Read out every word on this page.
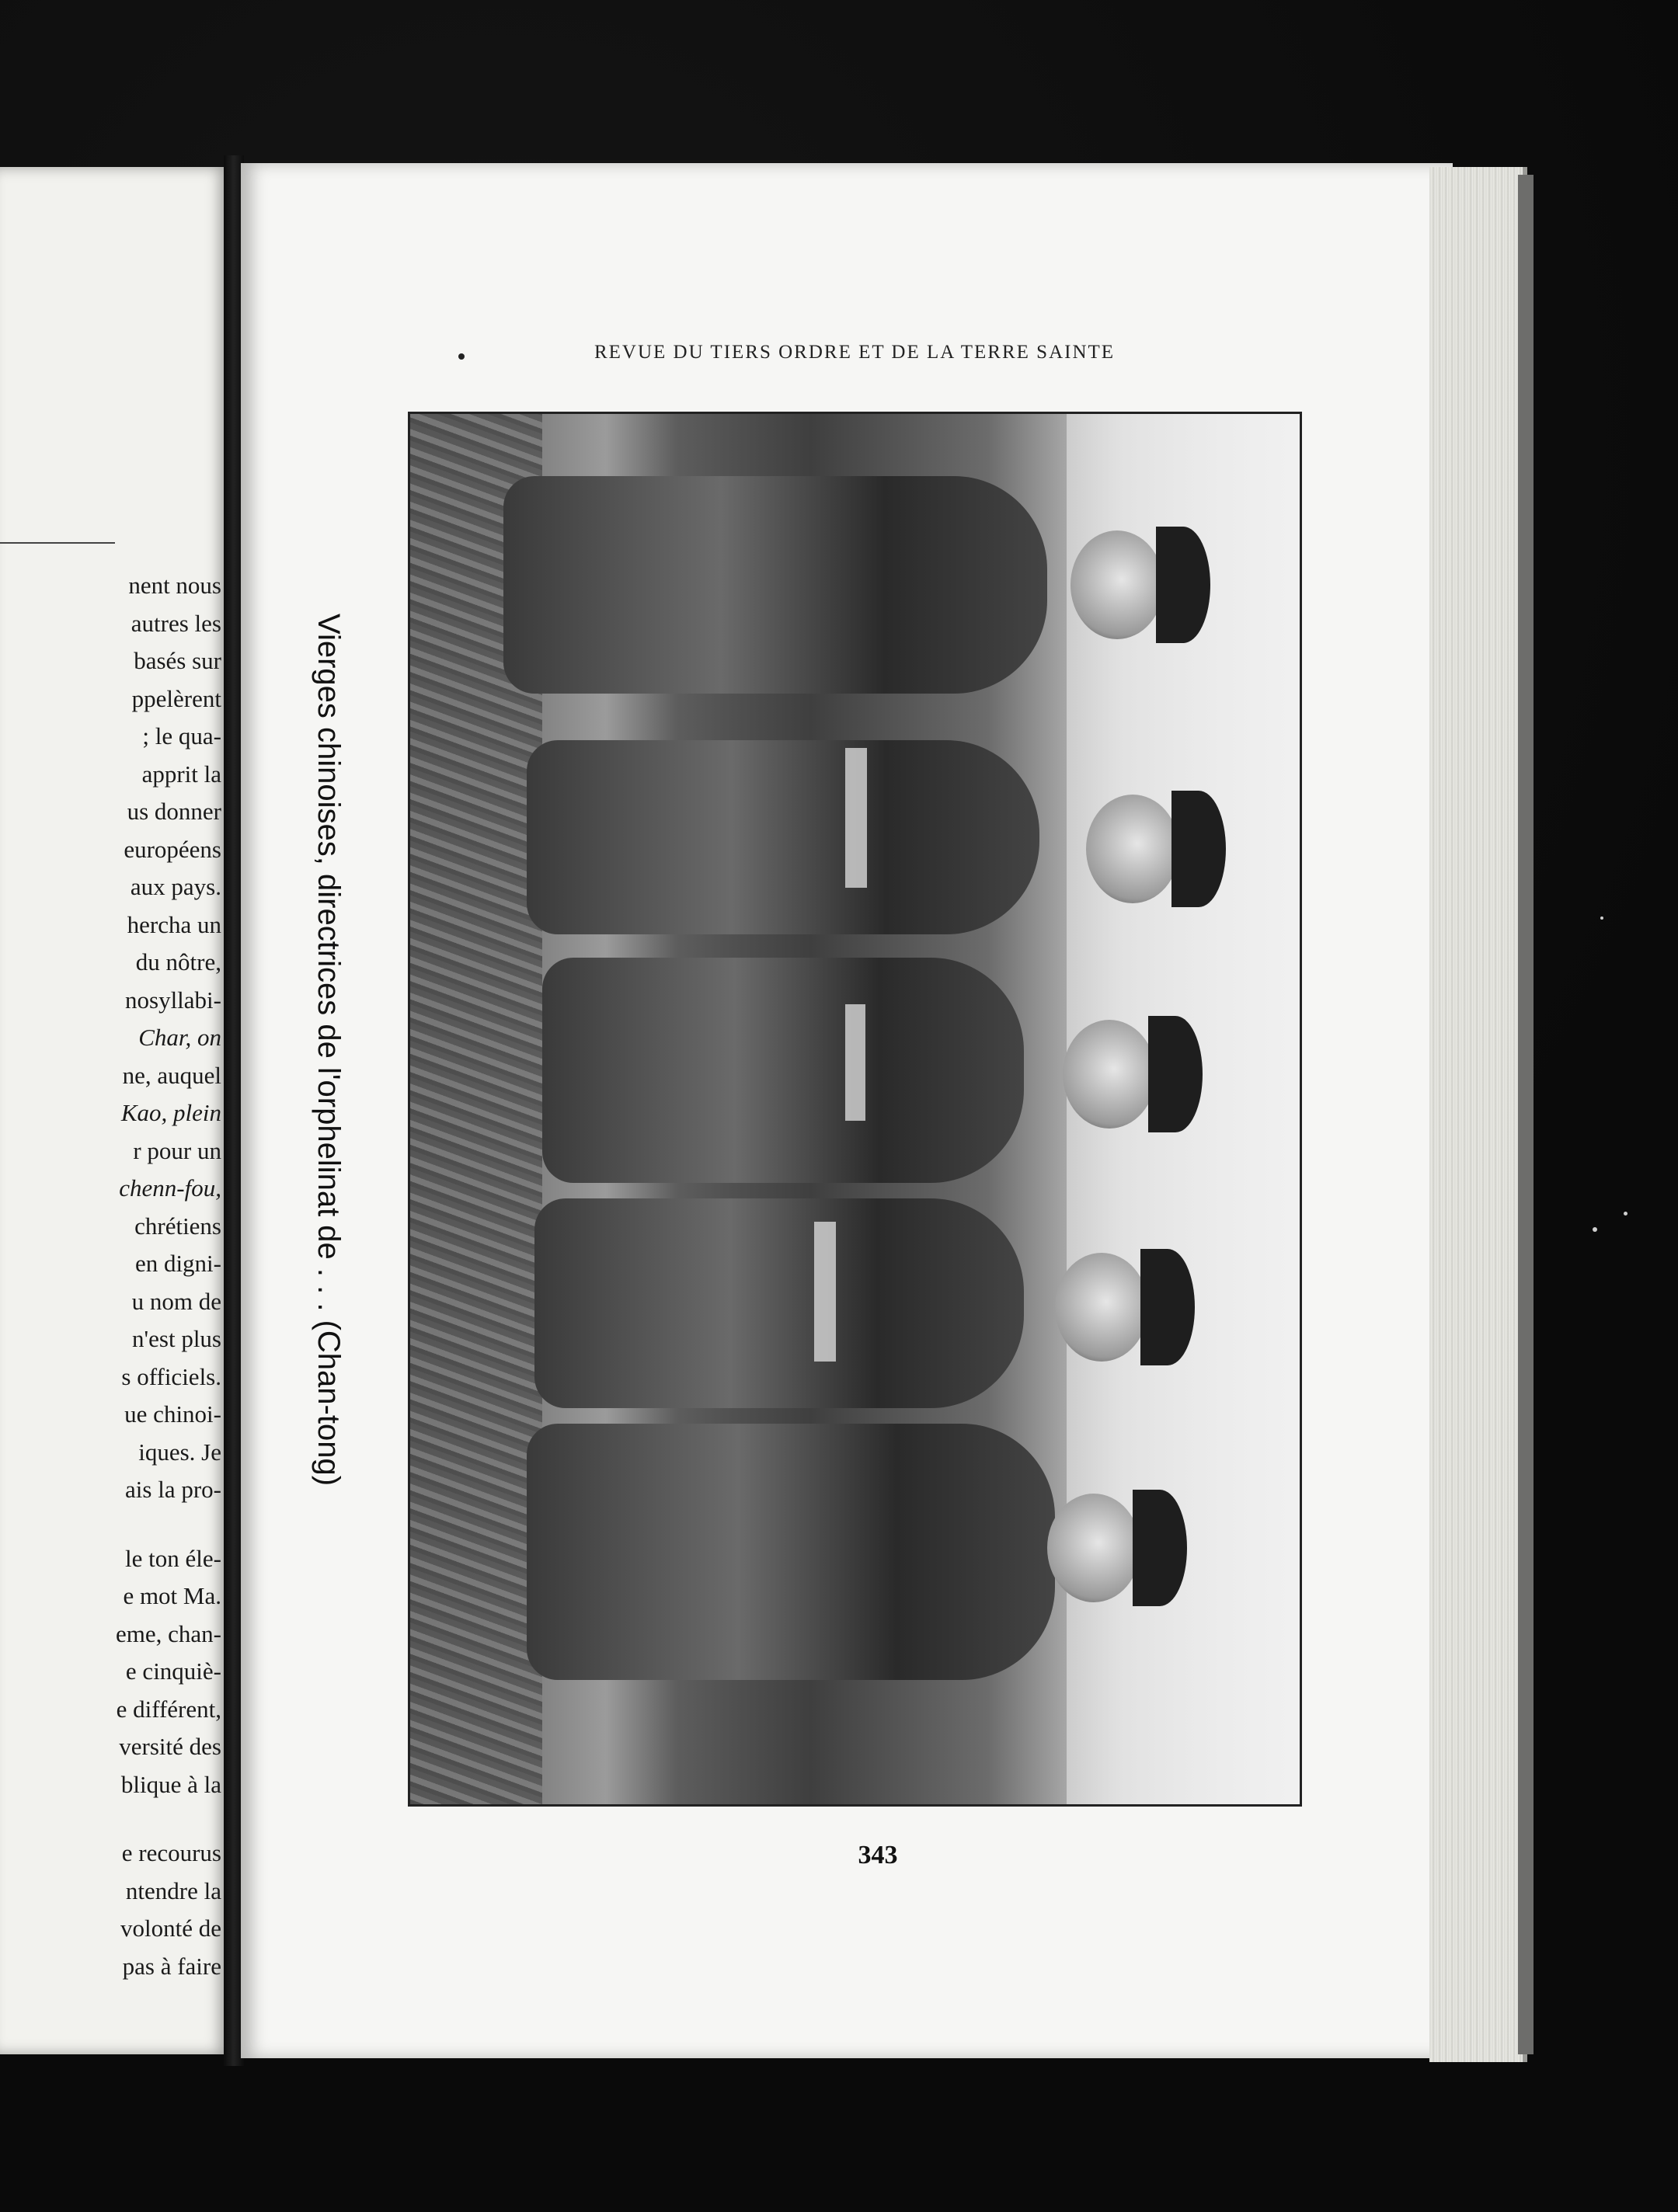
nent nous
autres les
basés sur
ppelèrent
; le qua-
apprit la
us donner
européens
aux pays.
hercha un
du nôtre,
nosyllabi-
Char, on
ne, auquel
Kao, plein
r pour un
chenn-fou,
chrétiens
en digni-
u nom de
n'est plus
s officiels.
ue chinoi-
iques. Je
ais la pro-
le ton éle-
e mot Ma.
eme, chan-
e cinquiè-
e différent,
versité des
blique à la
e recourus
ntendre la
volonté de
pas à faire
REVUE DU TIERS ORDRE ET DE LA TERRE SAINTE
Vierges chinoises, directrices de l'orphelinat de . . . (Chan-tong)
343
